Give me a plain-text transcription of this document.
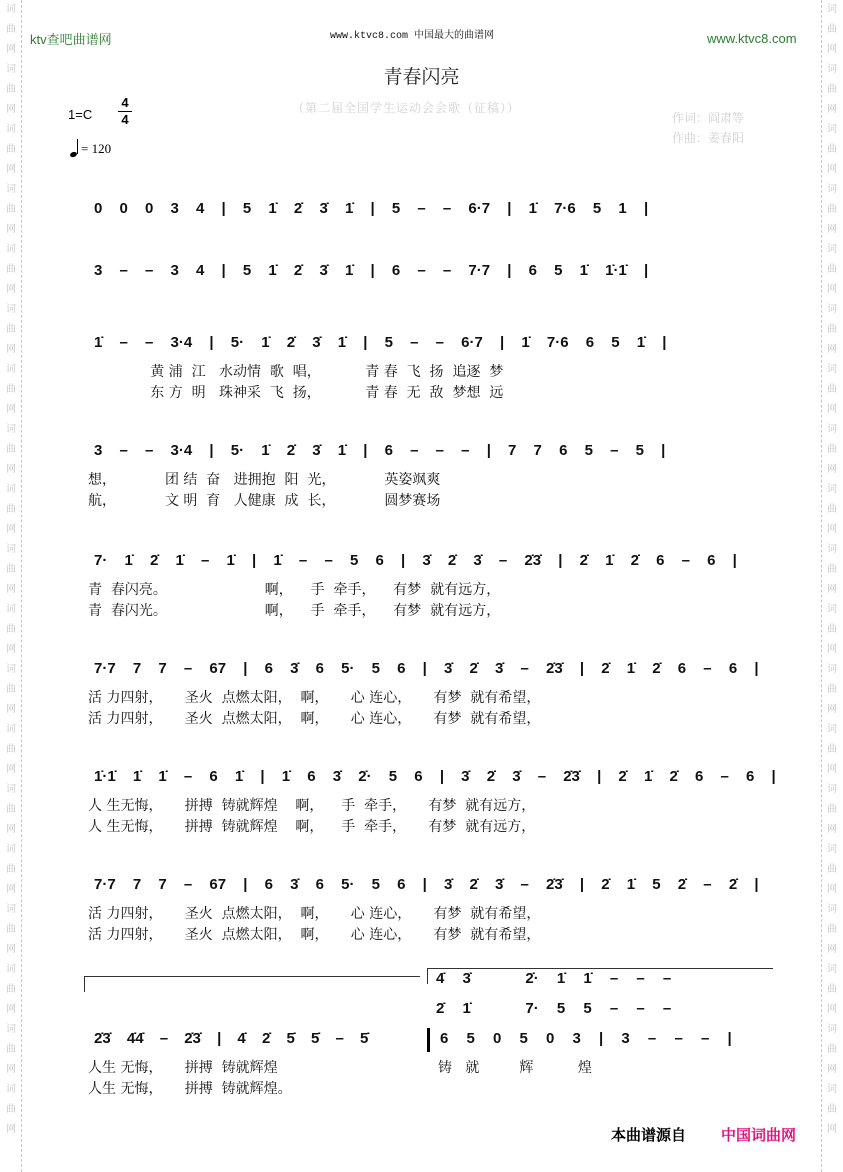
词
曲
网
词
曲
网
词
曲
网
词
曲
网
词
曲
网
词
曲
网
词
曲
网
词
曲
网
词
曲
网
词
曲
网
词
曲
网
词
曲
网
词
曲
网
词
曲
网
词
曲
网
词
曲
网
词
曲
网
词
曲
网
词
曲
网
词
曲
网
词
曲
网
词
曲
网
词
曲
网
词
曲
网
词
曲
网
词
曲
网
词
曲
网
词
曲
网
词
曲
网
词
曲
网
词
曲
网
词
曲
网
词
曲
网
词
曲
网
词
曲
网
词
曲
网
词
曲
网
词
曲
网
ktv查吧曲谱网	www.ktvc8.com 中国最大的曲谱网	www.ktvc8.com
青春闪亮
（第二届全国学生运动会会歌（征稿））
作词：阎肃等
作曲：姜春阳
1=C
4
4
= 120
0 0 0 3 4 | 5 1̇ 2̇ 3̇ 1̇ | 5 – – 6·7 | 1̇ 7·6 5 1 |
3 – – 3 4 | 5 1̇ 2̇ 3̇ 1̇ | 6 – – 7·7 | 6 5 1̇ 1̇·1̇ |
1̇ – – 3·4 | 5· 1̇ 2̇ 3̇ 1̇ | 5 – – 6·7 | 1̇ 7·6 6 5 1̇ |
黄 浦  江   水动情  歌  唱，          青 春  飞  扬  追逐  梦
东 方  明   珠神采  飞  扬，          青 春  无  敌  梦想  远
3 – – 3·4 | 5· 1̇ 2̇ 3̇ 1̇ | 6 – – – | 7 7 6 5 – 5 |
想，           团 结  奋   进拥抱  阳  光，           英姿飒爽
航，           文 明  育   人健康  成  长，           圆梦赛场
7· 1̇ 2̇ 1̇ – 1̇ | 1̇ – – 5 6 | 3̇ 2̇ 3̇ – 2̇3̇ | 2̇ 1̇ 2̇ 6 – 6 |
青  春闪亮。                      啊，    手  牵手，    有梦  就有远方，
青  春闪光。                      啊，    手  牵手，    有梦  就有远方，
7·7 7 7 – 67 | 6 3̇ 6 5· 5 6 | 3̇ 2̇ 3̇ – 2̇3̇ | 2̇ 1̇ 2̇ 6 – 6 |
活 力四射，     圣火  点燃太阳，  啊，     心 连心，     有梦  就有希望，
活 力四射，     圣火  点燃太阳，  啊，     心 连心，     有梦  就有希望，
1̇·1̇ 1̇ 1̇ – 6 1̇ | 1̇ 6 3̇ 2̇· 5 6 | 3̇ 2̇ 3̇ – 2̇3̇ | 2̇ 1̇ 2̇ 6 – 6 |
人 生无悔，     拼搏  铸就辉煌    啊，    手  牵手，     有梦  就有远方，
人 生无悔，     拼搏  铸就辉煌    啊，    手  牵手，     有梦  就有远方，
7·7 7 7 – 67 | 6 3̇ 6 5· 5 6 | 3̇ 2̇ 3̇ – 2̇3̇ | 2̇ 1̇ 5 2̇ – 2̇ |
活 力四射，     圣火  点燃太阳，  啊，     心 连心，     有梦  就有希望，
活 力四射，     圣火  点燃太阳，  啊，     心 连心，     有梦  就有希望，
4̇ 3̇   2̇· 1̇ 1̇ – – –
2̇ 1̇   7· 5 5 – – –
2̇3̇ 4̇4̇ – 2̇3̇ | 4̇ 2̇ 5̇ 5̇ – 5̇	6 5 0 5 0 3 | 3 – – – |
人生 无悔，     拼搏  铸就辉煌
人生 无悔，     拼搏  铸就辉煌。
铸   就         辉          煌
本曲谱源自 中国词曲网
